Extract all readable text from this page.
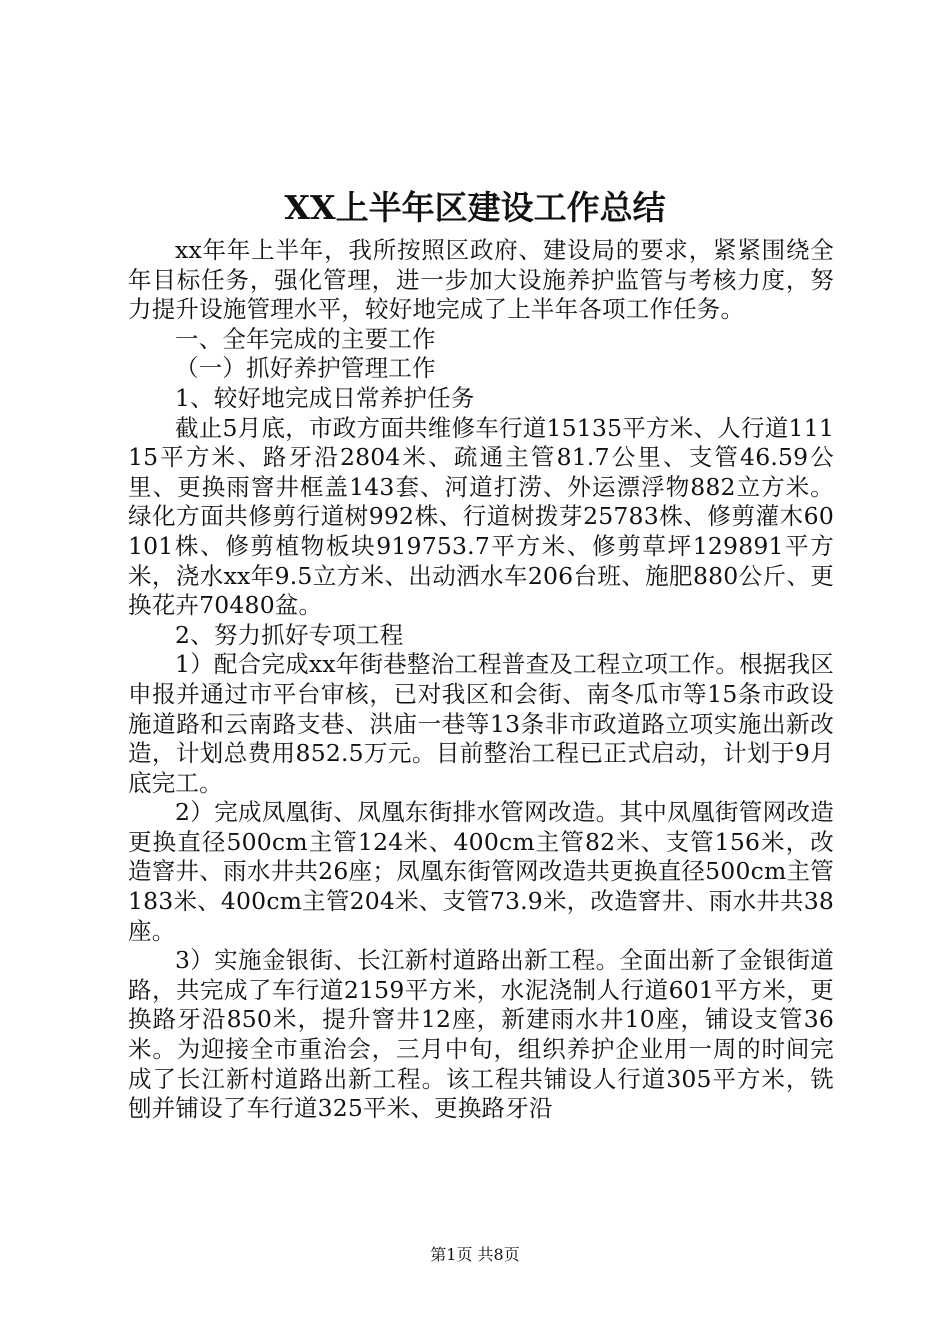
XX上半年区建设工作总结

xx年年上半年，我所按照区政府、建设局的要求，紧紧围绕全年目标任务，强化管理，进一步加大设施养护监管与考核力度，努力提升设施管理水平，较好地完成了上半年各项工作任务。

一、全年完成的主要工作

（一）抓好养护管理工作

1、较好地完成日常养护任务

截止5月底，市政方面共维修车行道15135平方米、人行道11115平方米、路牙沿2804米、疏通主管81.7公里、支管46.59公里、更换雨窨井框盖143套、河道打涝、外运漂浮物882立方米。绿化方面共修剪行道树992株、行道树拨芽25783株、修剪灌木60101株、修剪植物板块919753.7平方米、修剪草坪129891平方米，浇水xx年9.5立方米、出动洒水车206台班、施肥880公斤、更换花卉70480盆。

2、努力抓好专项工程

1）配合完成xx年街巷整治工程普查及工程立项工作。根据我区申报并通过市平台审核，已对我区和会街、南冬瓜市等15条市政设施道路和云南路支巷、洪庙一巷等13条非市政道路立项实施出新改造，计划总费用852.5万元。目前整治工程已正式启动，计划于9月底完工。

2）完成凤凰街、凤凰东街排水管网改造。其中凤凰街管网改造更换直径500cm主管124米、400cm主管82米、支管156米，改造窨井、雨水井共26座；凤凰东街管网改造共更换直径500cm主管183米、400cm主管204米、支管73.9米，改造窨井、雨水井共38座。

3）实施金银街、长江新村道路出新工程。全面出新了金银街道路，共完成了车行道2159平方米，水泥浇制人行道601平方米，更换路牙沿850米，提升窨井12座，新建雨水井10座，铺设支管36米。为迎接全市重治会，三月中旬，组织养护企业用一周的时间完成了长江新村道路出新工程。该工程共铺设人行道305平方米，铣刨并铺设了车行道325平米、更换路牙沿

第1页 共8页
